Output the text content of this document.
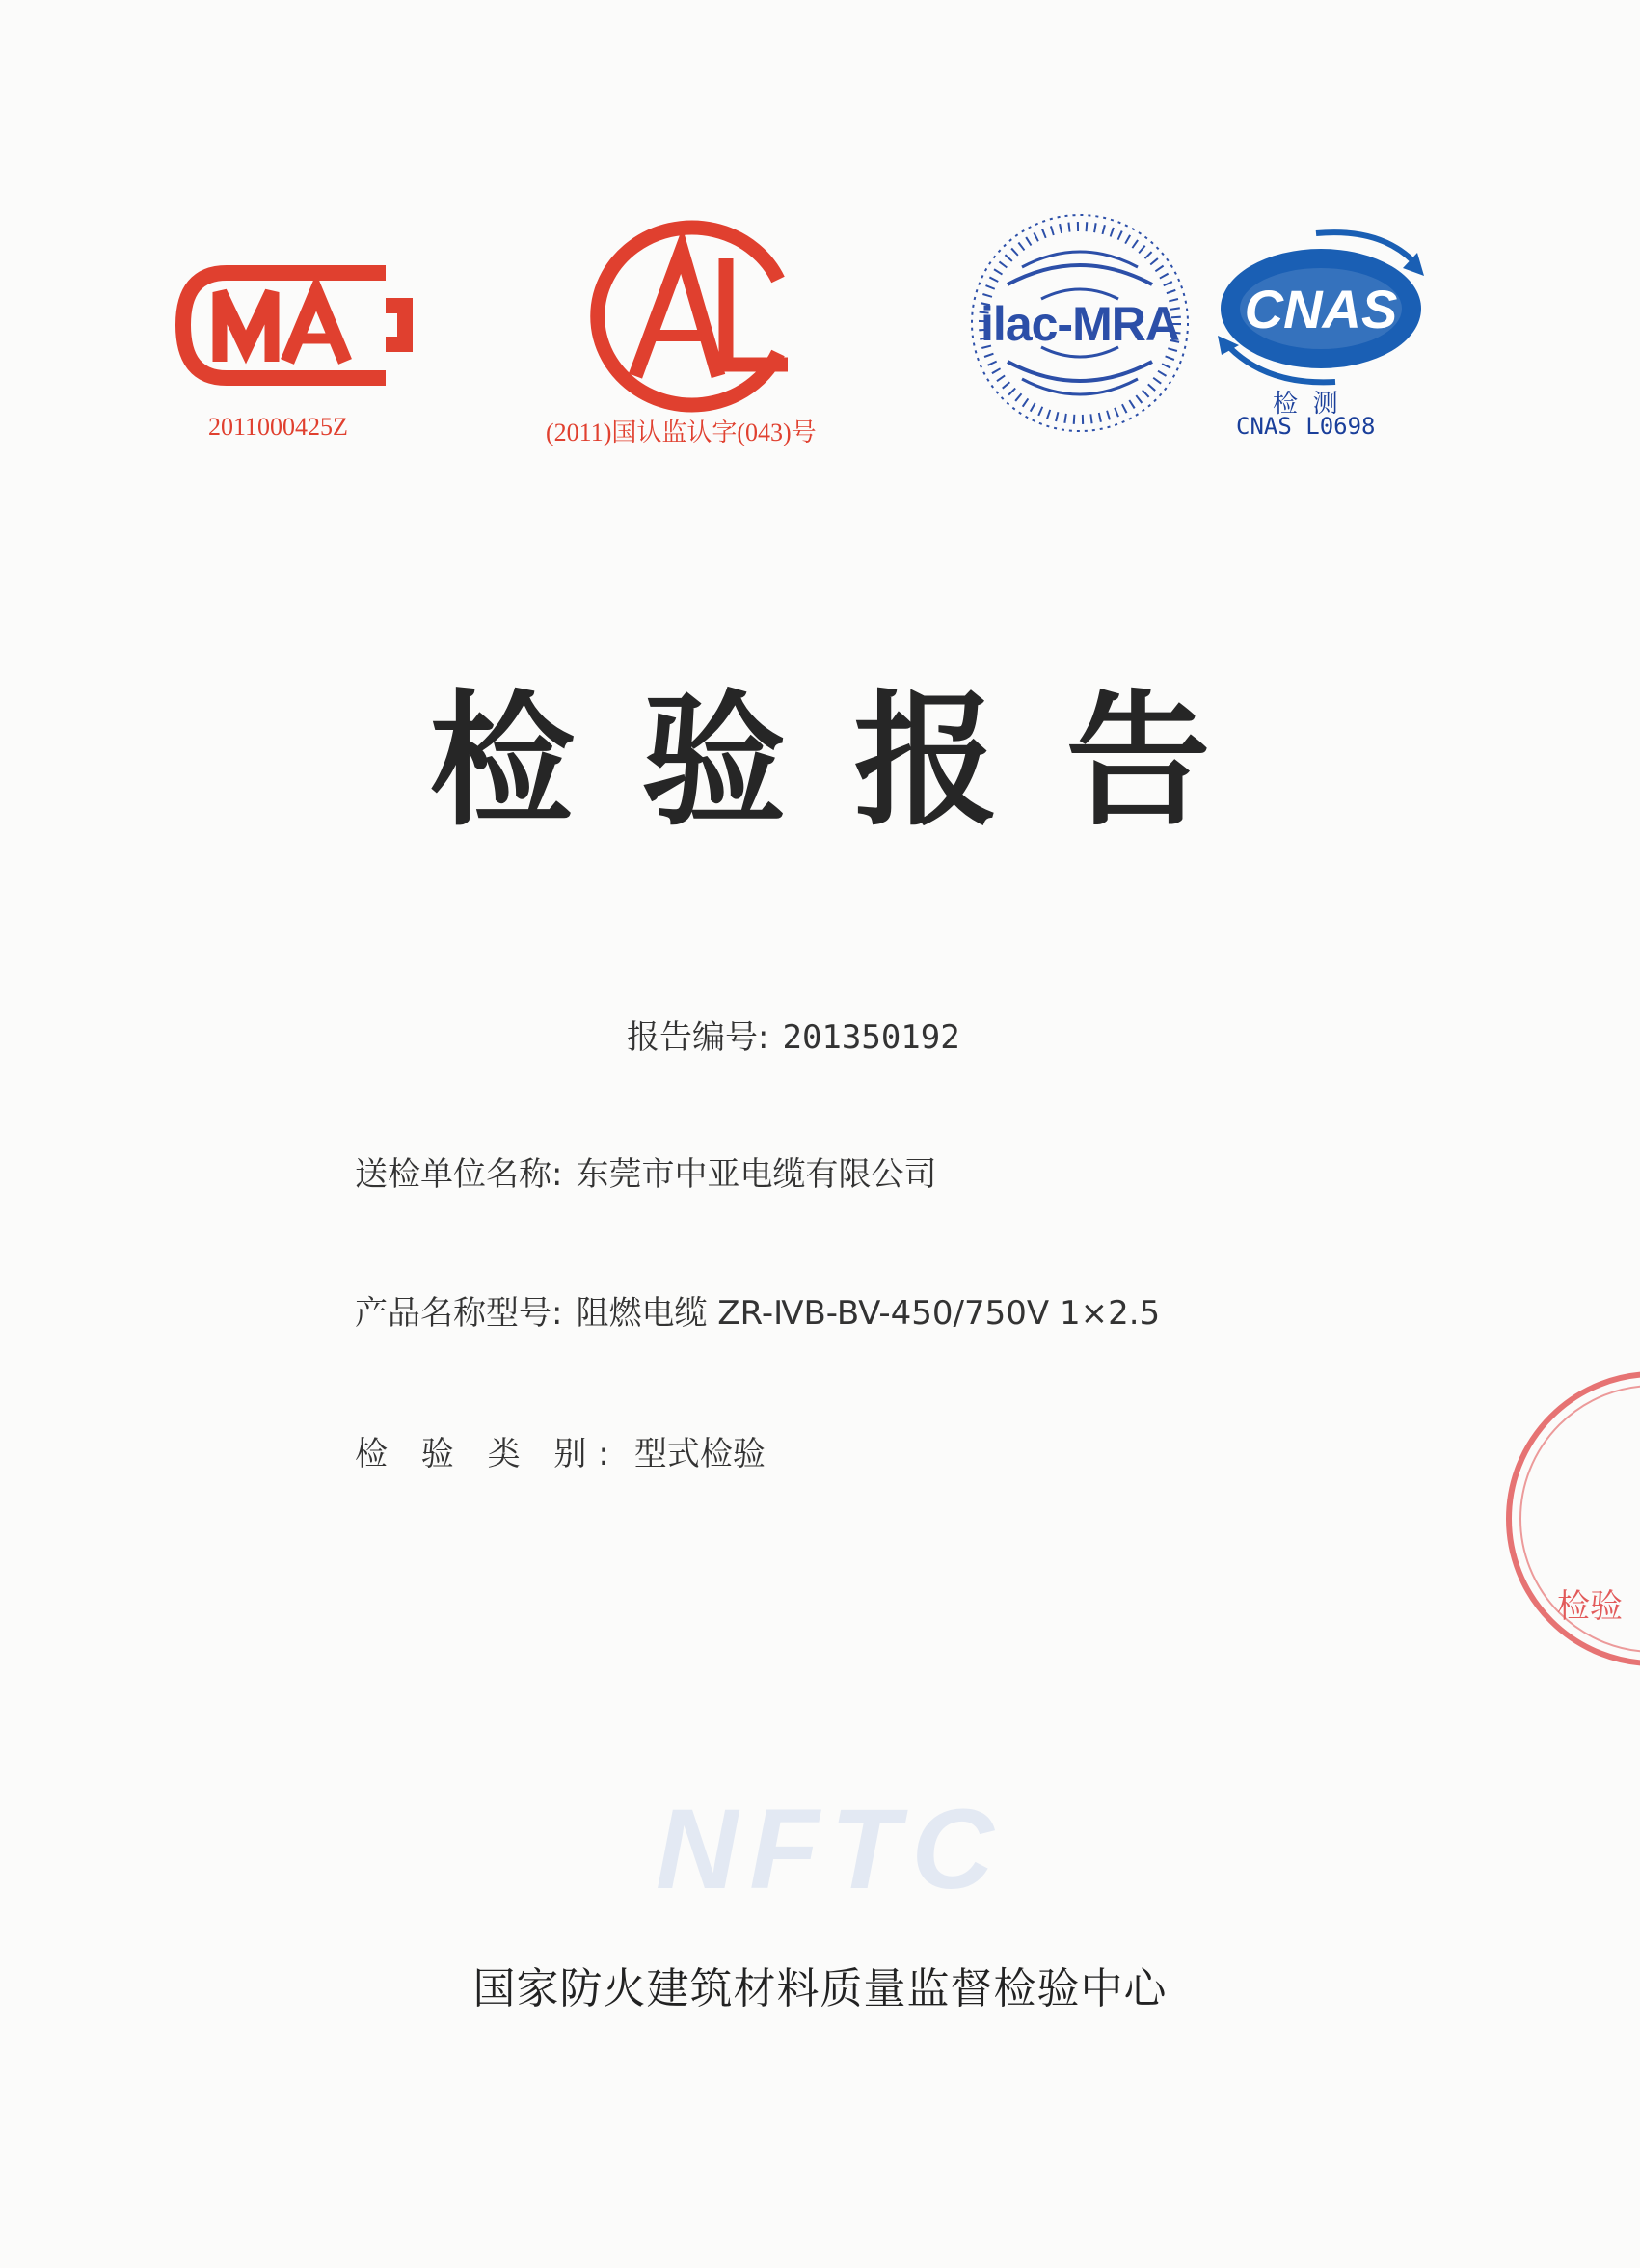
2011000425Z	(2011)国认监认字(043)号
ilac-MRA	CNAS
检 测
CNAS L0698
检验报告
报告编号: 201350192
送检单位名称: 东莞市中亚电缆有限公司
产品名称型号: 阻燃电缆 ZR-ⅣB-BV-450/750V 1×2.5
检 验 类 别: 型式检验
检验
NFTC
国家防火建筑材料质量监督检验中心
